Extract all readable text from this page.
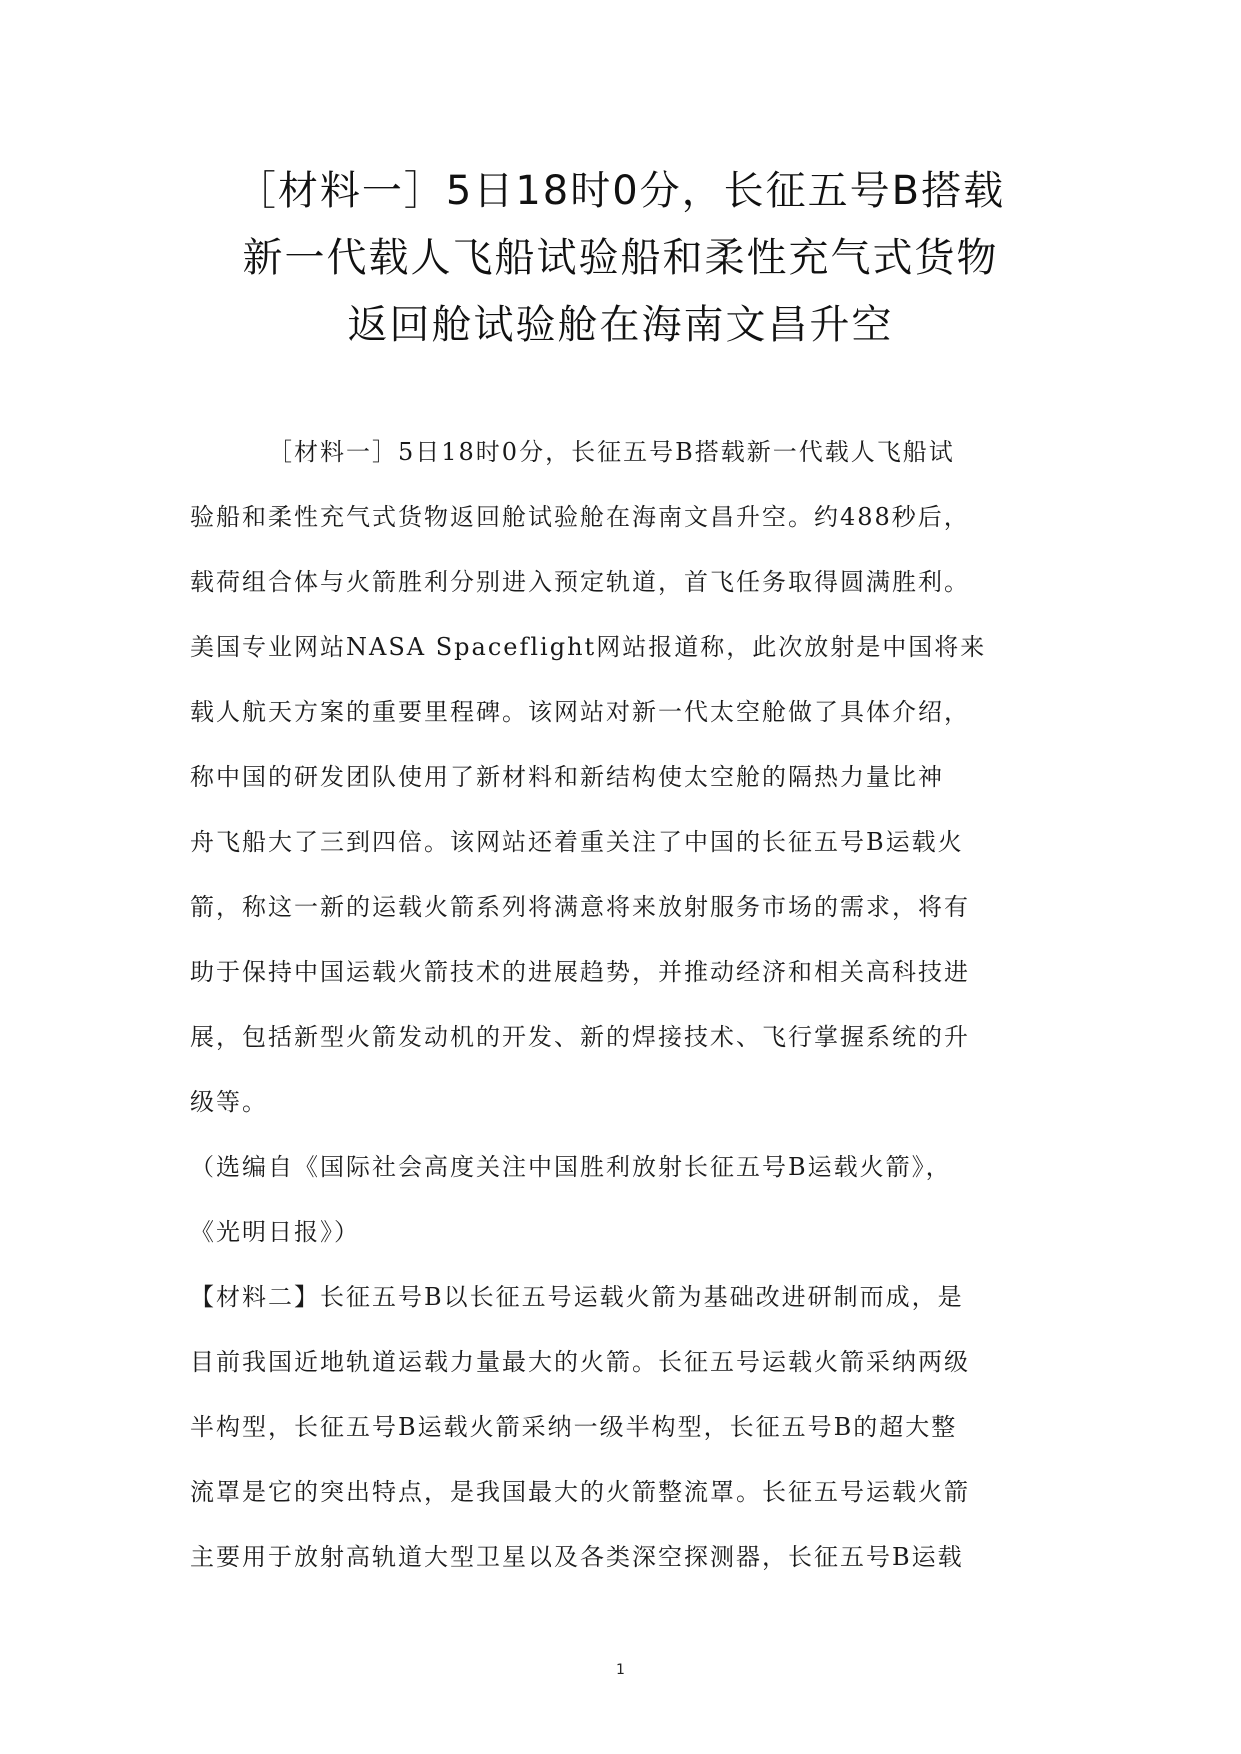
［材料一］5日18时0分，长征五号B搭载
新一代载人飞船试验船和柔性充气式货物
返回舱试验舱在海南文昌升空
［材料一］5日18时0分，长征五号B搭载新一代载人飞船试
验船和柔性充气式货物返回舱试验舱在海南文昌升空。约488秒后，
载荷组合体与火箭胜利分别进入预定轨道，首飞任务取得圆满胜利。
美国专业网站NASA Spaceflight网站报道称，此次放射是中国将来
载人航天方案的重要里程碑。该网站对新一代太空舱做了具体介绍，
称中国的研发团队使用了新材料和新结构使太空舱的隔热力量比神
舟飞船大了三到四倍。该网站还着重关注了中国的长征五号B运载火
箭，称这一新的运载火箭系列将满意将来放射服务市场的需求，将有
助于保持中国运载火箭技术的进展趋势，并推动经济和相关高科技进
展，包括新型火箭发动机的开发、新的焊接技术、飞行掌握系统的升
级等。
（选编自《国际社会高度关注中国胜利放射长征五号B运载火箭》，
《光明日报》）
【材料二】长征五号B以长征五号运载火箭为基础改进研制而成，是
目前我国近地轨道运载力量最大的火箭。长征五号运载火箭采纳两级
半构型，长征五号B运载火箭采纳一级半构型，长征五号B的超大整
流罩是它的突出特点，是我国最大的火箭整流罩。长征五号运载火箭
主要用于放射高轨道大型卫星以及各类深空探测器，长征五号B运载
1
